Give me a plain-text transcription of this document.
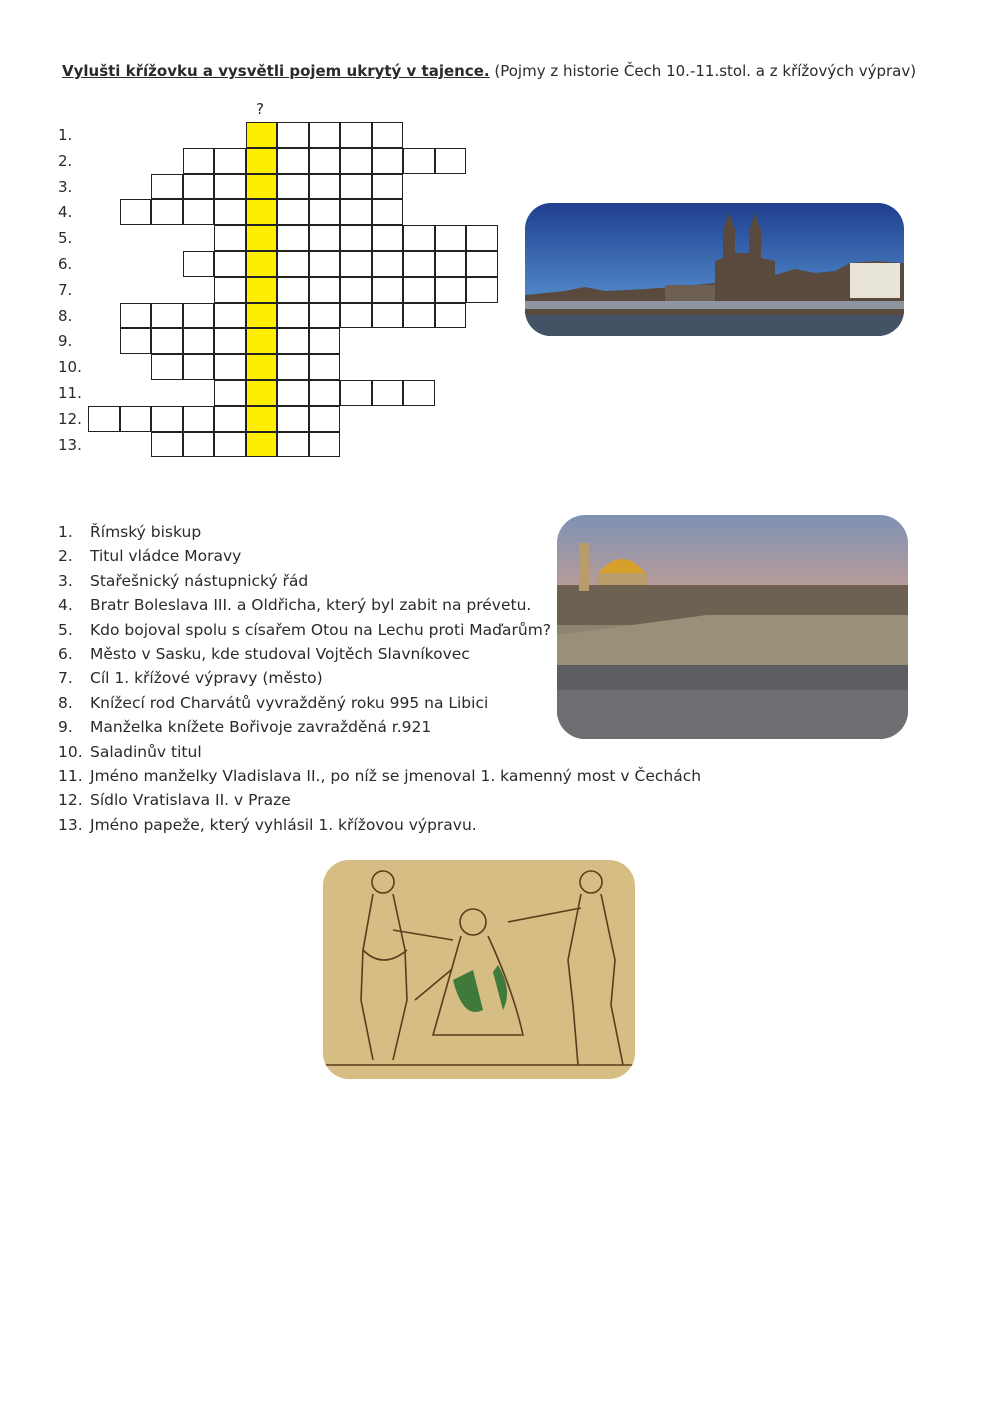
Vylušti křížovku a vysvětli pojem ukrytý v tajence. (Pojmy z historie Čech 10.-11.stol. a z křížových výprav)
?
1.
2.
3.
4.
5.
6.
7.
8.
9.
10.
11.
12.
13.
1.	Římský biskup
2.	Titul vládce Moravy
3.	Stařešnický nástupnický řád
4.	Bratr Boleslava III. a Oldřicha, který byl zabit na prévetu.
5.	Kdo bojoval spolu s císařem Otou na Lechu proti Maďarům?
6.	Město v Sasku, kde studoval Vojtěch Slavníkovec
7.	Cíl 1. křížové výpravy (město)
8.	Knížecí rod Charvátů vyvražděný roku 995 na Libici
9.	Manželka knížete Bořivoje zavražděná r.921
10. Saladinův titul
11. Jméno manželky Vladislava II., po níž se jmenoval 1. kamenný most v Čechách
12. Sídlo Vratislava II. v Praze
13. Jméno papeže, který vyhlásil 1. křížovou výpravu.
